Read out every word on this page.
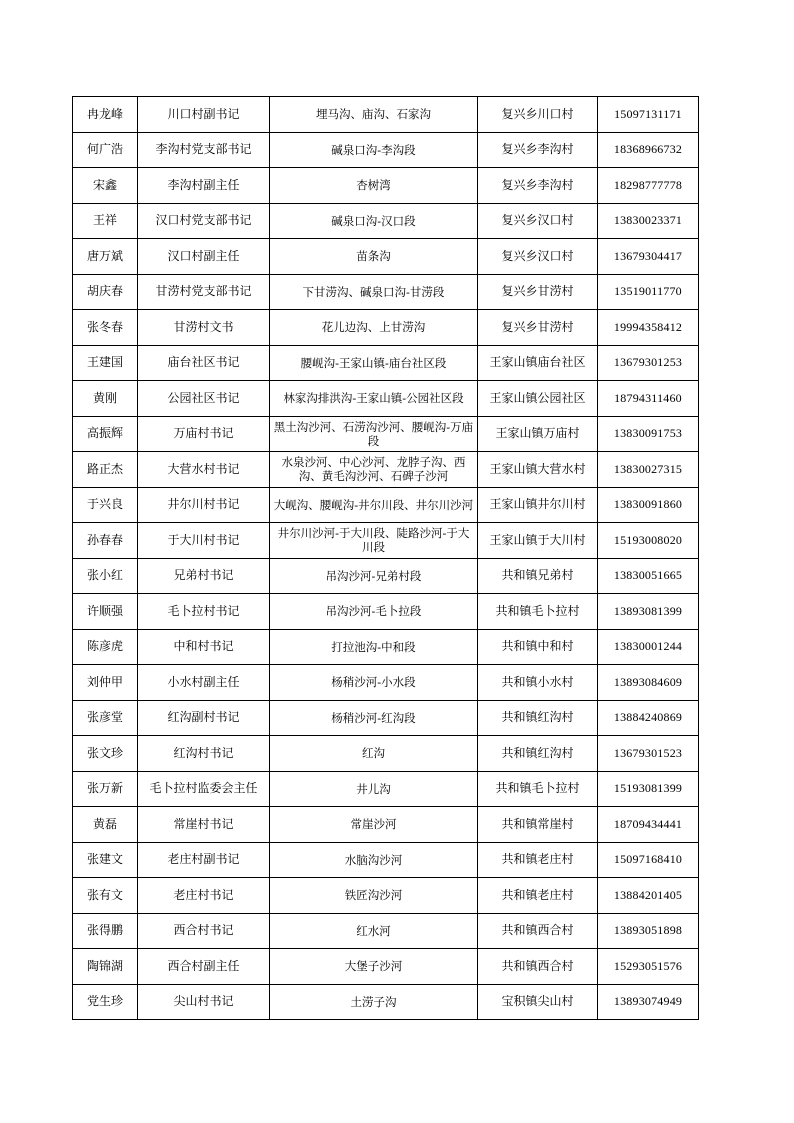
冉龙峰	川口村副书记	埋马沟、庙沟、石家沟	复兴乡川口村	15097131171
何广浩	李沟村党支部书记	碱泉口沟-李沟段	复兴乡李沟村	18368966732
宋鑫	李沟村副主任	杏树湾	复兴乡李沟村	18298777778
王祥	汉口村党支部书记	碱泉口沟-汉口段	复兴乡汉口村	13830023371
唐万斌	汉口村副主任	苗条沟	复兴乡汉口村	13679304417
胡庆春	甘涝村党支部书记	下甘涝沟、碱泉口沟-甘涝段	复兴乡甘涝村	13519011770
张冬春	甘涝村文书	花儿边沟、上甘涝沟	复兴乡甘涝村	19994358412
王建国	庙台社区书记	腰岘沟-王家山镇-庙台社区段	王家山镇庙台社区	13679301253
黄刚	公园社区书记	林家沟排洪沟-王家山镇-公园社区段	王家山镇公园社区	18794311460
高振辉	万庙村书记	黑土沟沙河、石涝沟沙河、腰岘沟-万庙段	王家山镇万庙村	13830091753
路正杰	大营水村书记	水泉沙河、中心沙河、龙脖子沟、西沟、黄毛沟沙河、石碑子沙河	王家山镇大营水村	13830027315
于兴良	井尔川村书记	大岘沟、腰岘沟-井尔川段、井尔川沙河	王家山镇井尔川村	13830091860
孙春春	于大川村书记	井尔川沙河-于大川段、陡路沙河-于大川段	王家山镇于大川村	15193008020
张小红	兄弟村书记	吊沟沙河-兄弟村段	共和镇兄弟村	13830051665
许顺强	毛卜拉村书记	吊沟沙河-毛卜拉段	共和镇毛卜拉村	13893081399
陈彦虎	中和村书记	打拉池沟-中和段	共和镇中和村	13830001244
刘仲甲	小水村副主任	杨稍沙河-小水段	共和镇小水村	13893084609
张彦堂	红沟副村书记	杨稍沙河-红沟段	共和镇红沟村	13884240869
张文珍	红沟村书记	红沟	共和镇红沟村	13679301523
张万新	毛卜拉村监委会主任	井儿沟	共和镇毛卜拉村	15193081399
黄磊	常崖村书记	常崖沙河	共和镇常崖村	18709434441
张建文	老庄村副书记	水脑沟沙河	共和镇老庄村	15097168410
张有文	老庄村书记	铁匠沟沙河	共和镇老庄村	13884201405
张得鹏	西合村书记	红水河	共和镇西合村	13893051898
陶锦湖	西合村副主任	大堡子沙河	共和镇西合村	15293051576
党生珍	尖山村书记	土涝子沟	宝积镇尖山村	13893074949
